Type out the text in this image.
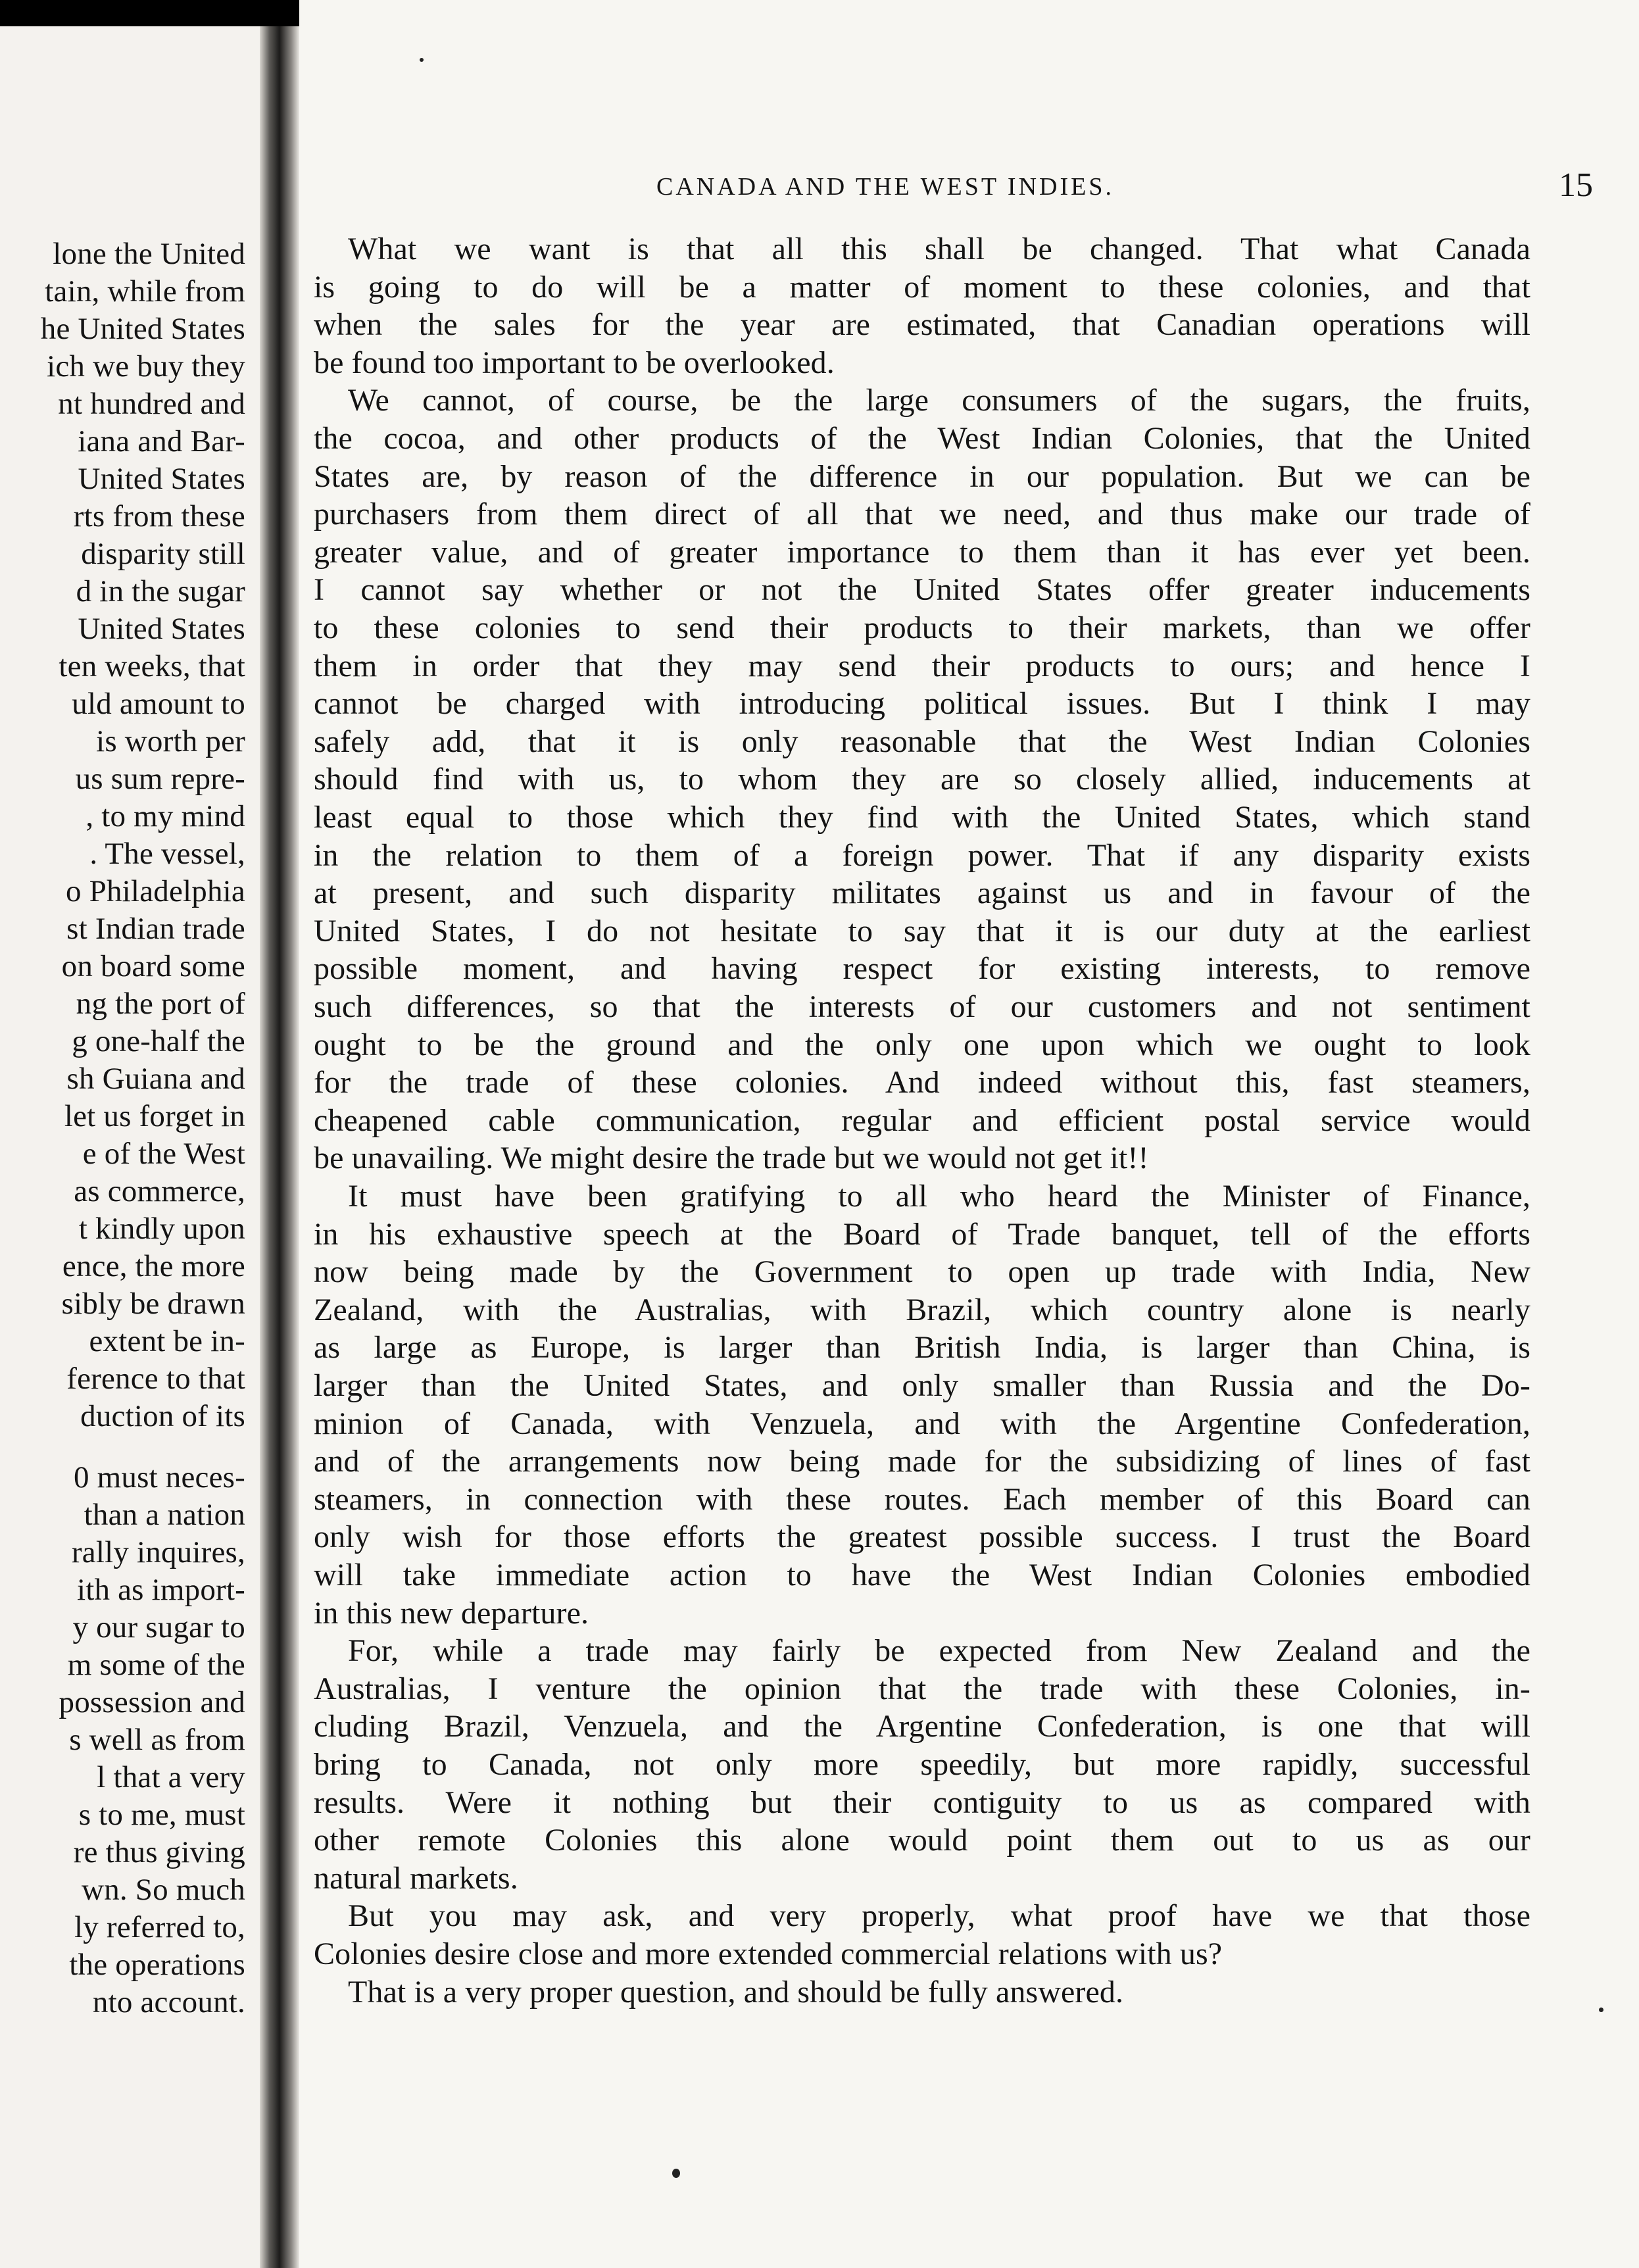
lone the United
tain, while from
he United States
ich we buy they
nt hundred and
iana and Bar-
United States
rts from these
disparity still
d in the sugar
United States
ten weeks, that
uld amount to
is worth per
us sum repre-
, to my mind
. The vessel,
o Philadelphia
st Indian trade
on board some
ng the port of
g one-half the
sh Guiana and
let us forget in
e of the West
as commerce,
t kindly upon
ence, the more
sibly be drawn
extent be in-
ference to that
duction of its
0 must neces-
than a nation
rally inquires,
ith as import-
y our sugar to
m some of the
possession and
s well as from
l that a very
s to me, must
re thus giving
wn. So much
ly referred to,
the operations
nto account.
CANADA AND THE WEST INDIES.	15
What we want is that all this shall be changed. That what Canada
is going to do will be a matter of moment to these colonies, and that
when the sales for the year are estimated, that Canadian operations will
be found too important to be overlooked.
We cannot, of course, be the large consumers of the sugars, the fruits,
the cocoa, and other products of the West Indian Colonies, that the United
States are, by reason of the difference in our population. But we can be
purchasers from them direct of all that we need, and thus make our trade of
greater value, and of greater importance to them than it has ever yet been.
I cannot say whether or not the United States offer greater inducements
to these colonies to send their products to their markets, than we offer
them in order that they may send their products to ours; and hence I
cannot be charged with introducing political issues. But I think I may
safely add, that it is only reasonable that the West Indian Colonies
should find with us, to whom they are so closely allied, inducements at
least equal to those which they find with the United States, which stand
in the relation to them of a foreign power. That if any disparity exists
at present, and such disparity militates against us and in favour of the
United States, I do not hesitate to say that it is our duty at the earliest
possible moment, and having respect for existing interests, to remove
such differences, so that the interests of our customers and not sentiment
ought to be the ground and the only one upon which we ought to look
for the trade of these colonies. And indeed without this, fast steamers,
cheapened cable communication, regular and efficient postal service would
be unavailing. We might desire the trade but we would not get it!!
It must have been gratifying to all who heard the Minister of Finance,
in his exhaustive speech at the Board of Trade banquet, tell of the efforts
now being made by the Government to open up trade with India, New
Zealand, with the Australias, with Brazil, which country alone is nearly
as large as Europe, is larger than British India, is larger than China, is
larger than the United States, and only smaller than Russia and the Do-
minion of Canada, with Venzuela, and with the Argentine Confederation,
and of the arrangements now being made for the subsidizing of lines of fast
steamers, in connection with these routes. Each member of this Board can
only wish for those efforts the greatest possible success. I trust the Board
will take immediate action to have the West Indian Colonies embodied
in this new departure.
For, while a trade may fairly be expected from New Zealand and the
Australias, I venture the opinion that the trade with these Colonies, in-
cluding Brazil, Venzuela, and the Argentine Confederation, is one that will
bring to Canada, not only more speedily, but more rapidly, successful
results. Were it nothing but their contiguity to us as compared with
other remote Colonies this alone would point them out to us as our
natural markets.
But you may ask, and very properly, what proof have we that those
Colonies desire close and more extended commercial relations with us?
That is a very proper question, and should be fully answered.
